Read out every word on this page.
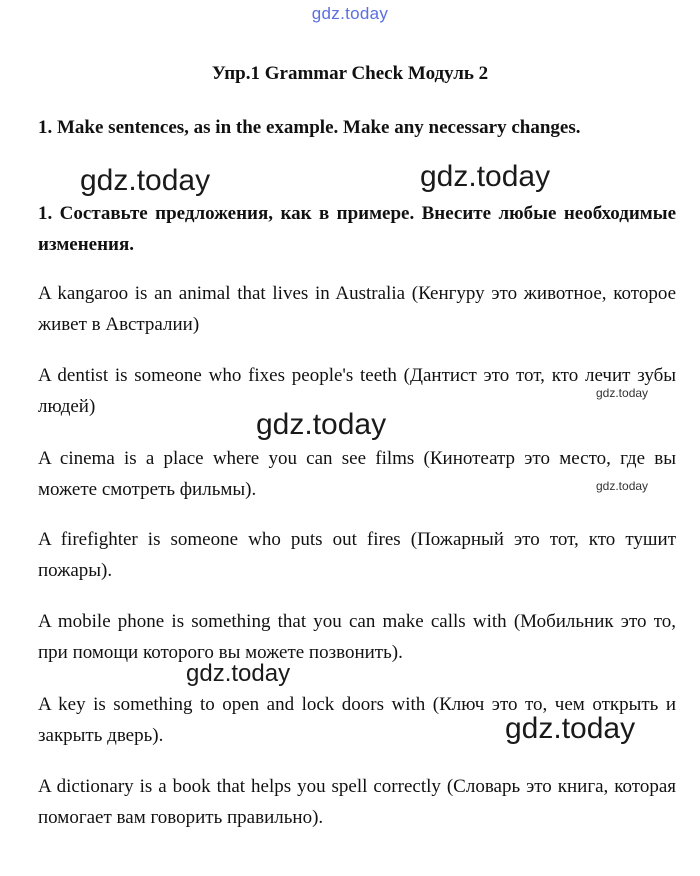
gdz.today
Упр.1 Grammar Check Модуль 2
1. Make sentences, as in the example. Make any necessary changes.
1. Составьте предложения, как в примере. Внесите любые необходимые изменения.
A kangaroo is an animal that lives in Australia (Кенгуру это животное, которое живет в Австралии)
A dentist is someone who fixes people's teeth (Дантист это тот, кто лечит зубы людей)
A cinema is a place where you can see films (Кинотеатр это место, где вы можете смотреть фильмы).
A firefighter is someone who puts out fires (Пожарный это тот, кто тушит пожары).
A mobile phone is something that you can make calls with (Мобильник это то, при помощи которого вы можете позвонить).
A key is something to open and lock doors with (Ключ это то, чем открыть и закрыть дверь).
A dictionary is a book that helps you spell correctly (Словарь это книга, которая помогает вам говорить правильно).
gdz.today	gdz.today
gdz.today
gdz.today
gdz.today
gdz.today
gdz.today
